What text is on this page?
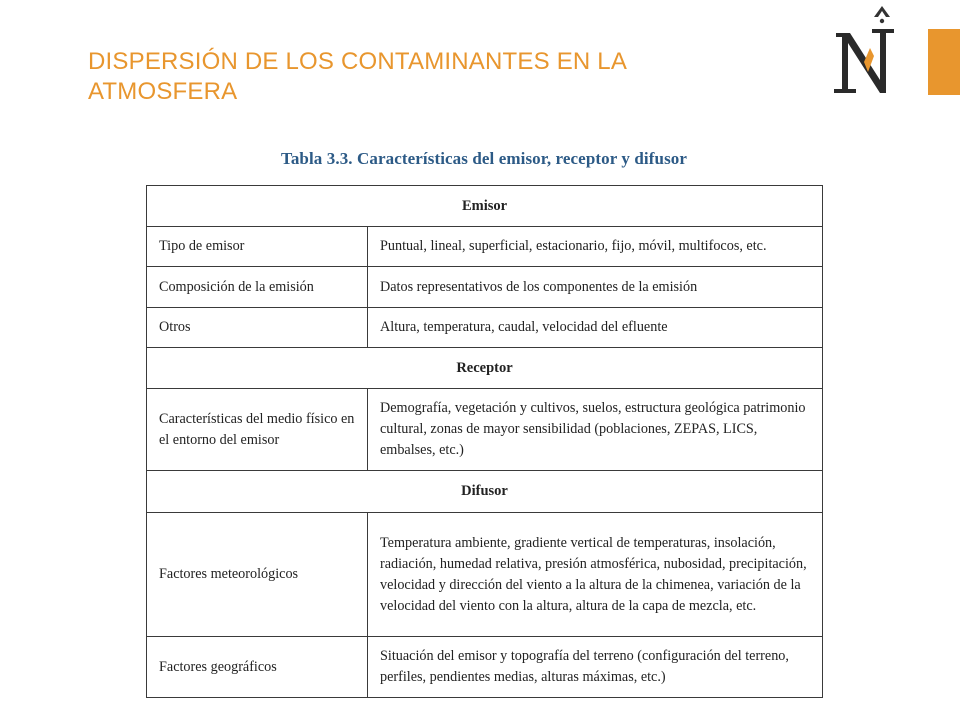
DISPERSIÓN DE LOS CONTAMINANTES EN LA ATMOSFERA
Tabla 3.3. Características del emisor, receptor y difusor
Emisor	
Tipo de emisor	Puntual, lineal, superficial, estacionario, fijo, móvil, multifocos, etc.
Composición de la emisión	Datos representativos de los componentes de la emisión
Otros	Altura, temperatura, caudal, velocidad del efluente
Receptor	
Características del medio físico en el entorno del emisor	Demografía, vegetación y cultivos, suelos, estructura geológica patrimonio cultural, zonas de mayor sensibilidad (poblaciones, ZEPAS, LICS, embalses, etc.)
Difusor	
Factores meteorológicos	Temperatura ambiente, gradiente vertical de temperaturas, insolación, radiación, humedad relativa, presión atmosférica, nubosidad, precipitación, velocidad y dirección del viento a la altura de la chimenea, variación de la velocidad del viento con la altura, altura de la capa de mezcla, etc.
Factores geográficos	Situación del emisor y topografía del terreno (configuración del terreno, perfiles, pendientes medias, alturas máximas, etc.)
